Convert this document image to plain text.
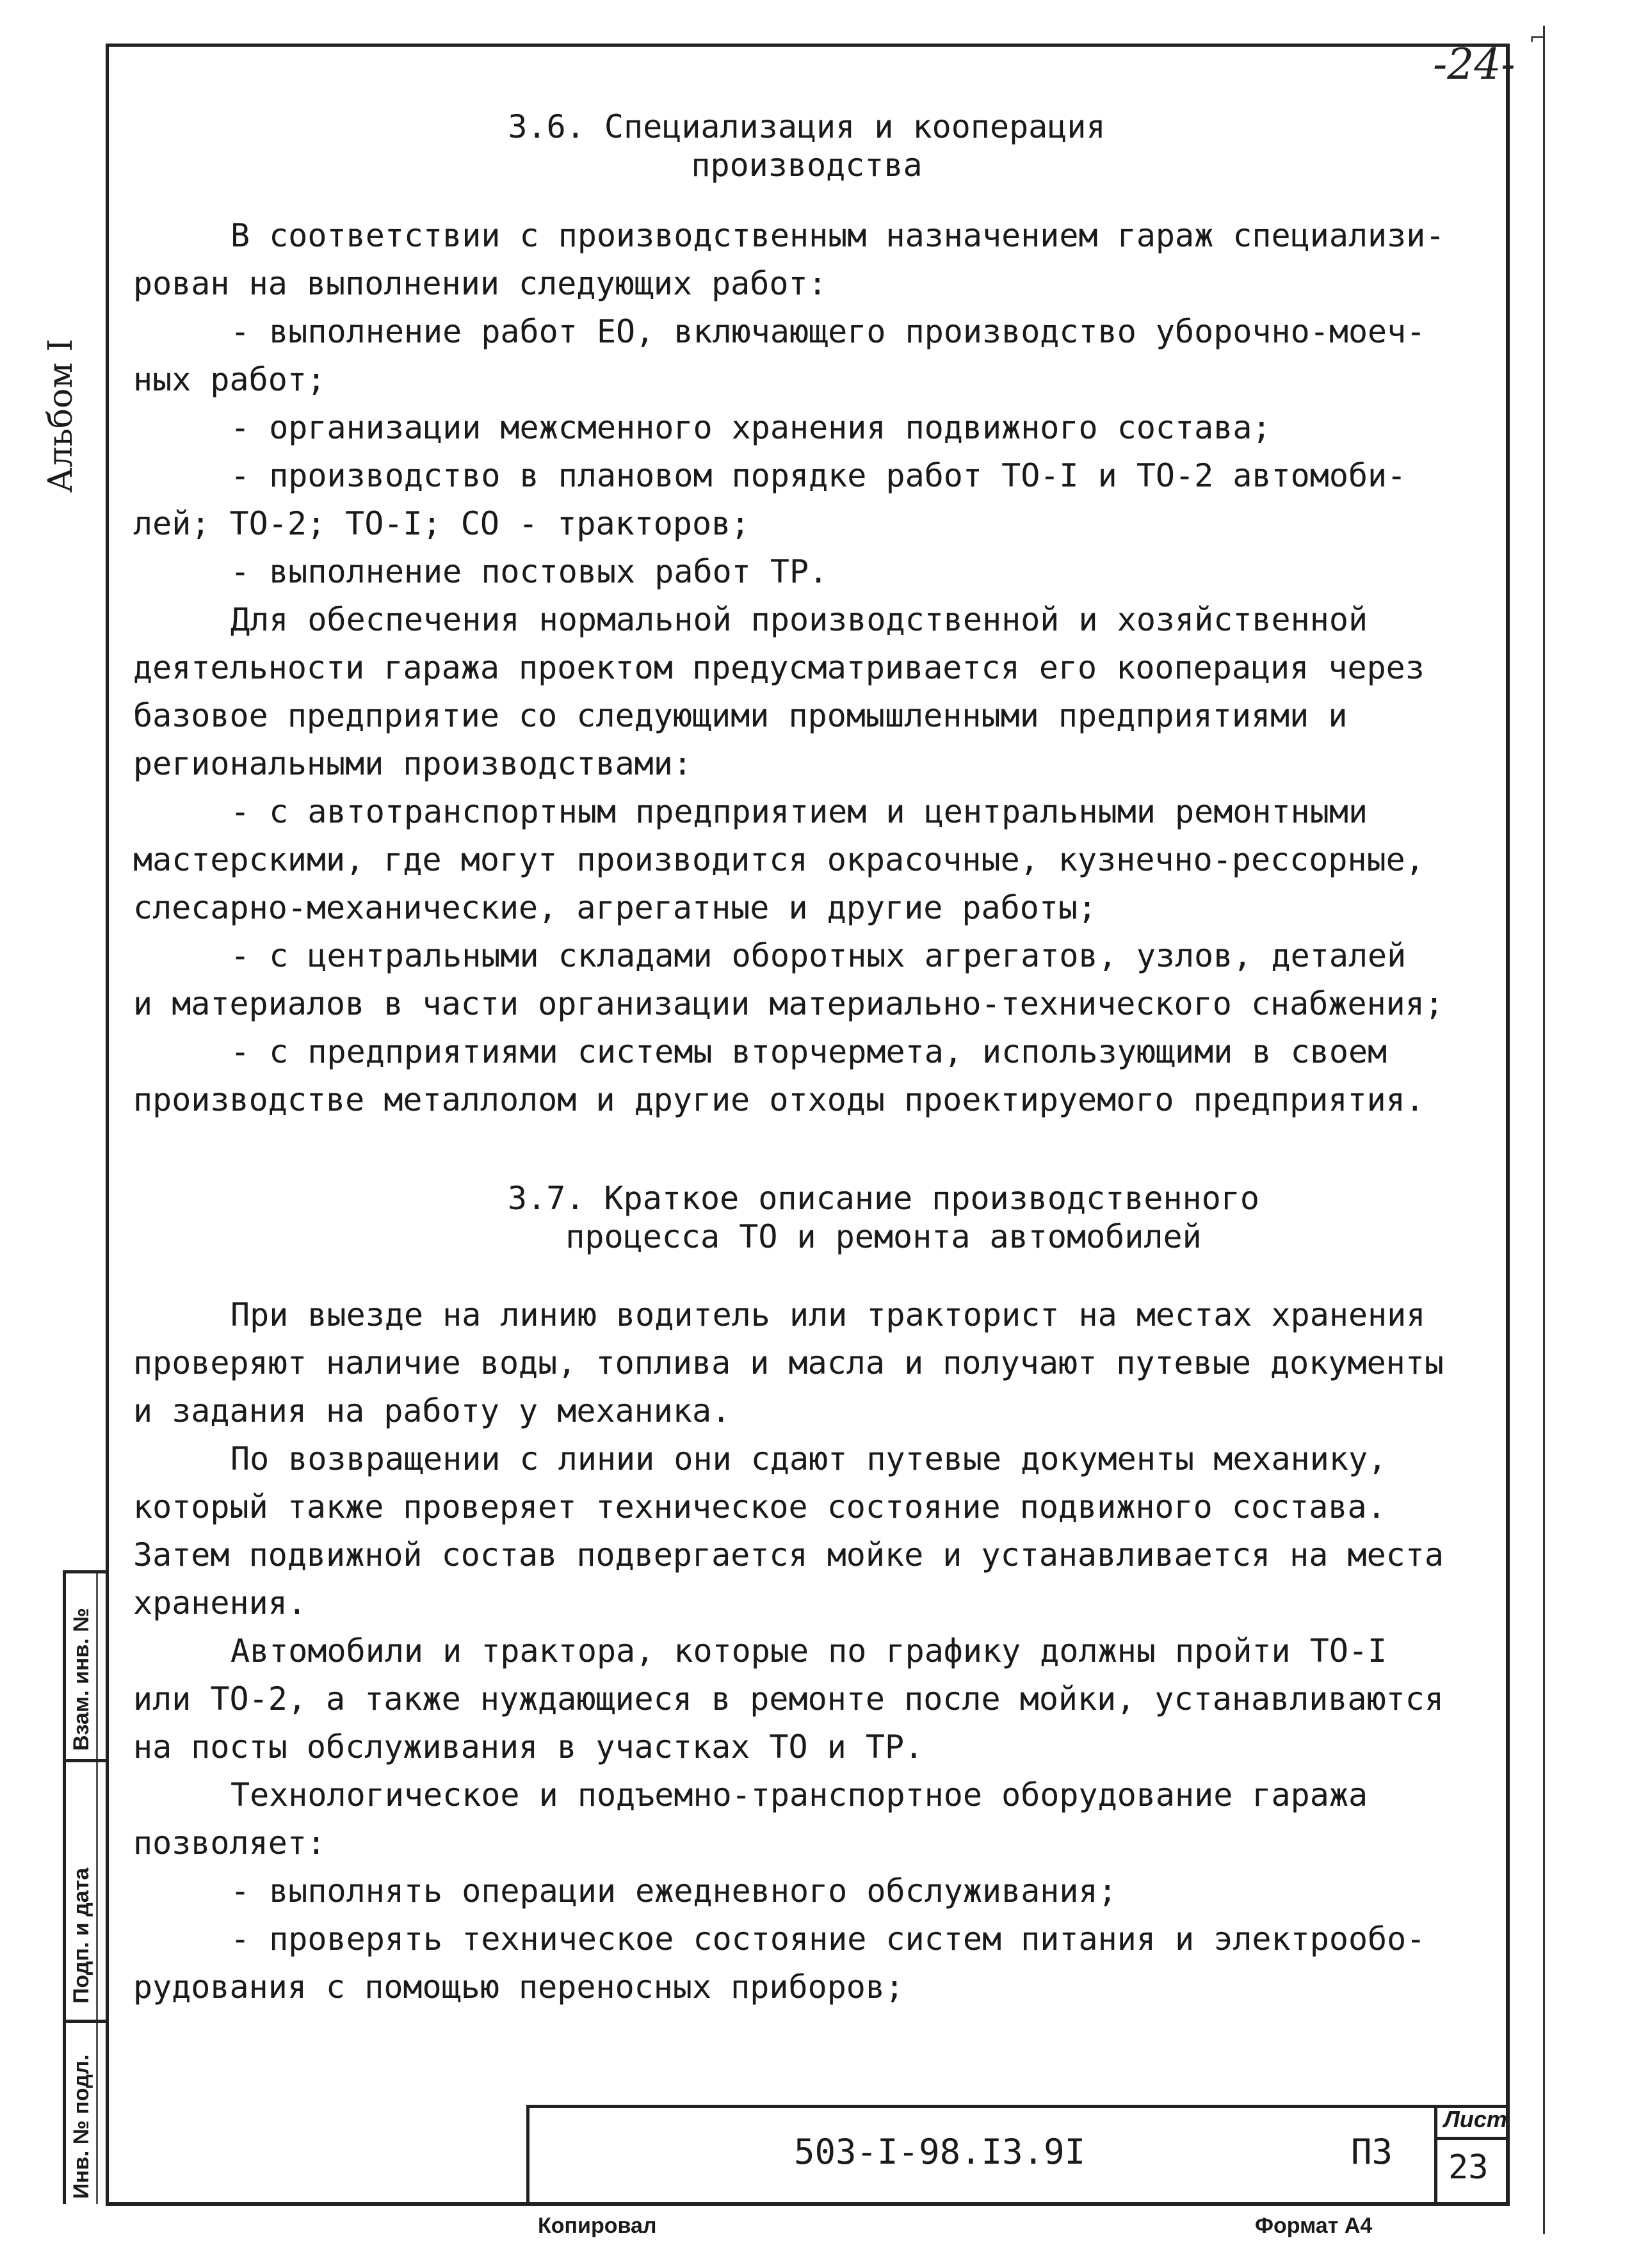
-24-
⌐
Альбом I
3.6. Специализация и кооперация
производства
В соответствии с производственным назначением гараж специализи-
рован на выполнении следующих работ:
- выполнение работ ЕО, включающего производство уборочно-моеч-
ных работ;
- организации межсменного хранения подвижного состава;
- производство в плановом порядке работ ТО-I и ТО-2 автомоби-
лей; ТО-2; ТО-I; СО - тракторов;
- выполнение постовых работ ТР.
Для обеспечения нормальной производственной и хозяйственной
деятельности гаража проектом предусматривается его кооперация через
базовое предприятие со следующими промышленными предприятиями и
региональными производствами:
- с автотранспортным предприятием и центральными ремонтными
мастерскими, где могут производится окрасочные, кузнечно-рессорные,
слесарно-механические, агрегатные и другие работы;
- с центральными складами оборотных агрегатов, узлов, деталей
и материалов в части организации материально-технического снабжения;
- с предприятиями системы вторчермета, использующими в своем
производстве металлолом и другие отходы проектируемого предприятия.
3.7. Краткое описание производственного
процесса ТО и ремонта автомобилей
При выезде на линию водитель или тракторист на местах хранения
проверяют наличие воды, топлива и масла и получают путевые документы
и задания на работу у механика.
По возвращении с линии они сдают путевые документы механику,
который также проверяет техническое состояние подвижного состава.
Затем подвижной состав подвергается мойке и устанавливается на места
хранения.
Автомобили и трактора, которые по графику должны пройти ТО-I
или ТО-2, а также нуждающиеся в ремонте после мойки, устанавливаются
на посты обслуживания в участках ТО и ТР.
Технологическое и подъемно-транспортное оборудование гаража
позволяет:
- выполнять операции ежедневного обслуживания;
- проверять техническое состояние систем питания и электрообо-
рудования с помощью переносных приборов;
Взам. инв. №
Подп. и дата
Инв. № подл.	503-I-98.I3.9I	ПЗ
Лист
23
Копировал	Формат А4
